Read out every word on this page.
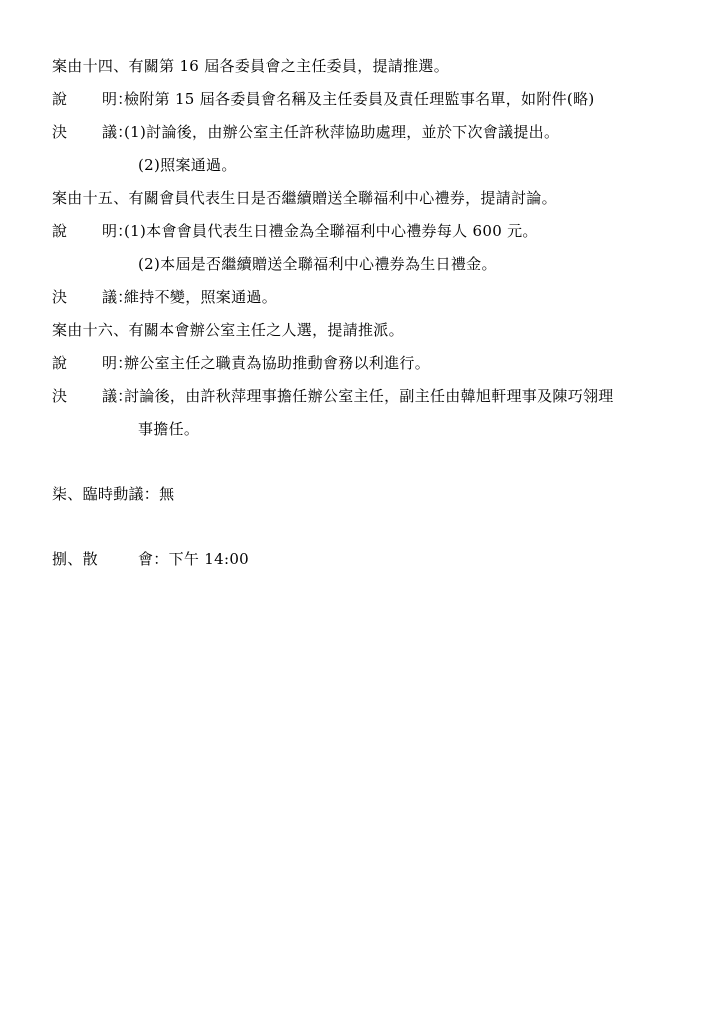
案由十四、有關第 16 屆各委員會之主任委員，提請推選。
說 明：
檢附第 15 屆各委員會名稱及主任委員及責任理監事名單，如附件(略)
決 議：
(1)討論後，由辦公室主任許秋萍協助處理，並於下次會議提出。
(2)照案通過。
案由十五、有關會員代表生日是否繼續贈送全聯福利中心禮券，提請討論。
說 明：
(1)本會會員代表生日禮金為全聯福利中心禮券每人 600 元。
(2)本屆是否繼續贈送全聯福利中心禮券為生日禮金。
決 議：
維持不變，照案通過。
案由十六、有關本會辦公室主任之人選，提請推派。
說 明：
辦公室主任之職責為協助推動會務以利進行。
決 議：
討論後，由許秋萍理事擔任辦公室主任，副主任由韓旭軒理事及陳巧翎理
事擔任。
柒、臨時動議：無
捌、散	會： 下午 14:00
